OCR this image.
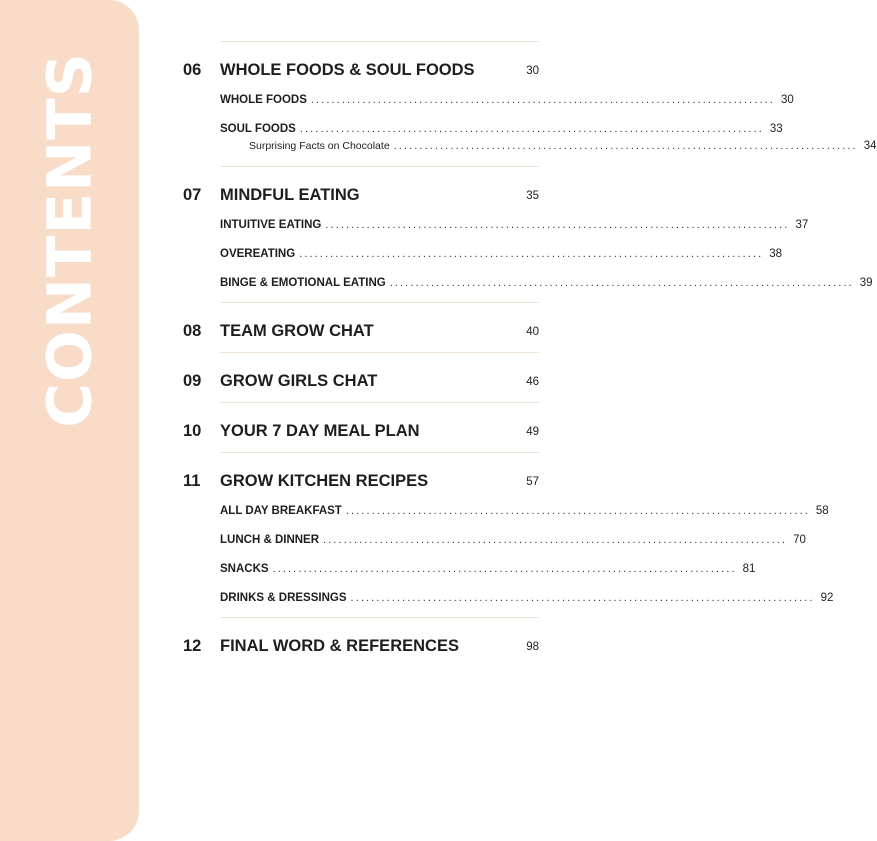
CONTENTS	06 WHOLE FOODS & SOUL FOODS	30
WHOLE FOODS .......................................................................................... 30
SOUL FOODS .......................................................................................... 33
Surprising Facts on Chocolate .......................................................................................... 34
07 MINDFUL EATING	35
INTUITIVE EATING .......................................................................................... 37
OVEREATING .......................................................................................... 38
BINGE & EMOTIONAL EATING .......................................................................................... 39
08 TEAM GROW CHAT	40
09 GROW GIRLS CHAT	46
10 YOUR 7 DAY MEAL PLAN	49
11 GROW KITCHEN RECIPES	57
ALL DAY BREAKFAST .......................................................................................... 58
LUNCH & DINNER .......................................................................................... 70
SNACKS .......................................................................................... 81
DRINKS & DRESSINGS .......................................................................................... 92
12 FINAL WORD & REFERENCES	98
